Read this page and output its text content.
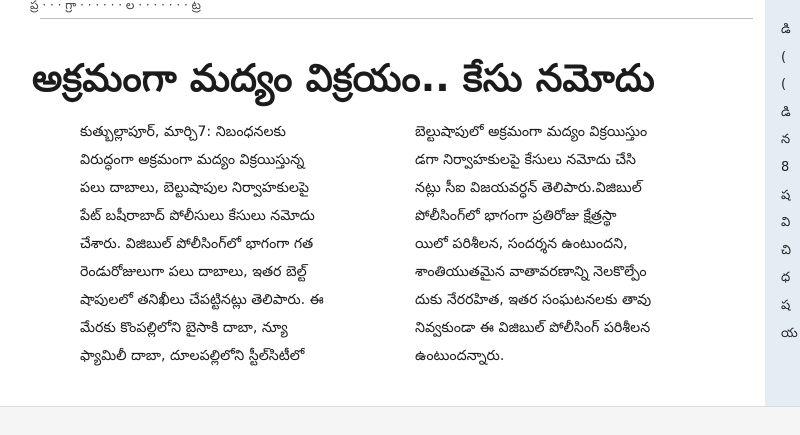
ప్ర · · · గ్రా · · · · · · ల · · · · · · · ట్ర
అక్రమంగా మద్యం విక్రయం.. కేసు నమోదు
కుత్బుల్లాపూర్, మార్చి7: నిబంధనలకు
విరుద్ధంగా అక్రమంగా మద్యం విక్రయిస్తున్న
పలు దాబాలు, బెల్టుషాపుల నిర్వాహకులపై
పేట్ బషీరాబాద్ పోలీసులు కేసులు నమోదు
చేశారు. విజిబుల్ పోలీసింగ్‌లో భాగంగా గత
రెండురోజులుగా పలు దాబాలు, ఇతర బెల్ట్
షాపులలో తనిఖీలు చేపట్టినట్లు తెలిపారు. ఈ
మేరకు కొంపల్లిలోని బైసాకి దాబా, న్యూ
ఫ్యామిలీ దాబా, దూలపల్లిలోని స్టీల్‌సిటీలో
బెల్టుషాపులో అక్రమంగా మద్యం విక్రయిస్తుం
డగా నిర్వాహకులపై కేసులు నమోదు చేసి
నట్లు సీఐ విజయవర్ధన్ తెలిపారు.విజిబుల్
పోలీసింగ్‌లో భాగంగా ప్రతిరోజు క్షేత్రస్థా
యిలో పరిశీలన, సందర్శన ఉంటుందని,
శాంతియుతమైన వాతావరణాన్ని నెలకొల్పేం
దుకు నేరరహిత, ఇతర సంఘటనలకు తావు
నివ్వకుండా ఈ విజిబుల్ పోలీసింగ్ పరిశీలన
ఉంటుందన్నారు.
డి
(
(
డి
న
8
ష
వి
చి
ధ
ష
య
